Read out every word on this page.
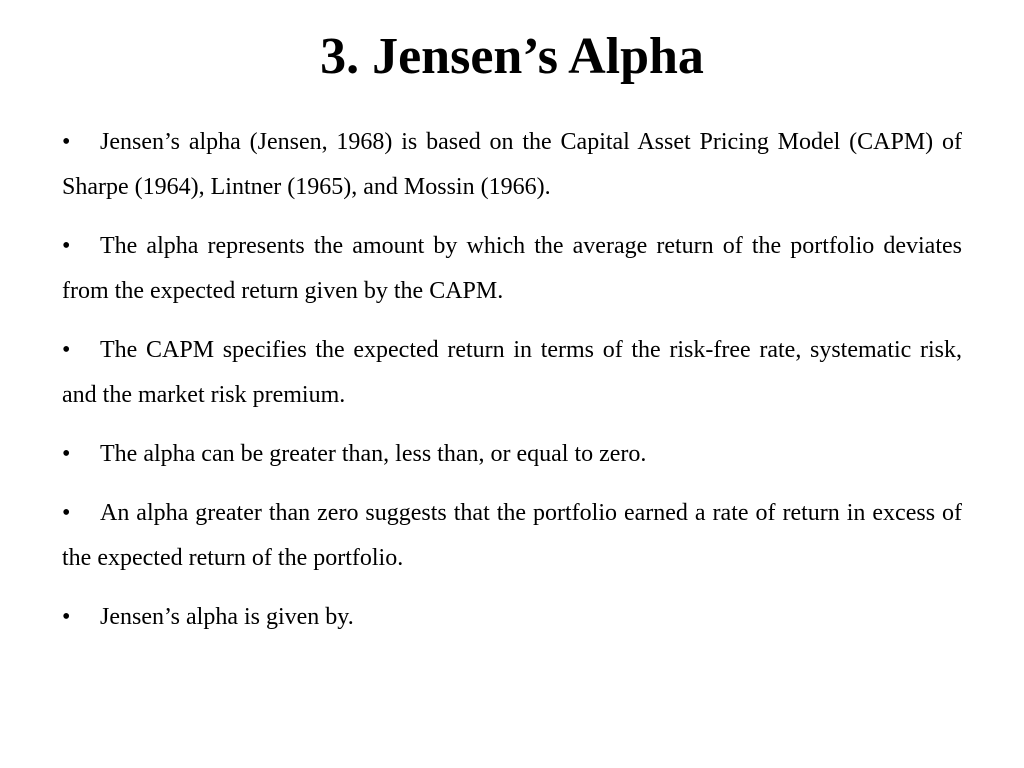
3. Jensen’s Alpha
• Jensen’s alpha (Jensen, 1968) is based on the Capital Asset Pricing Model (CAPM) of Sharpe (1964), Lintner (1965), and Mossin (1966).
• The alpha represents the amount by which the average return of the portfolio deviates from the expected return given by the CAPM.
• The CAPM specifies the expected return in terms of the risk-free rate, systematic risk, and the market risk premium.
• The alpha can be greater than, less than, or equal to zero.
• An alpha greater than zero suggests that the portfolio earned a rate of return in excess of the expected return of the portfolio.
• Jensen’s alpha is given by.
